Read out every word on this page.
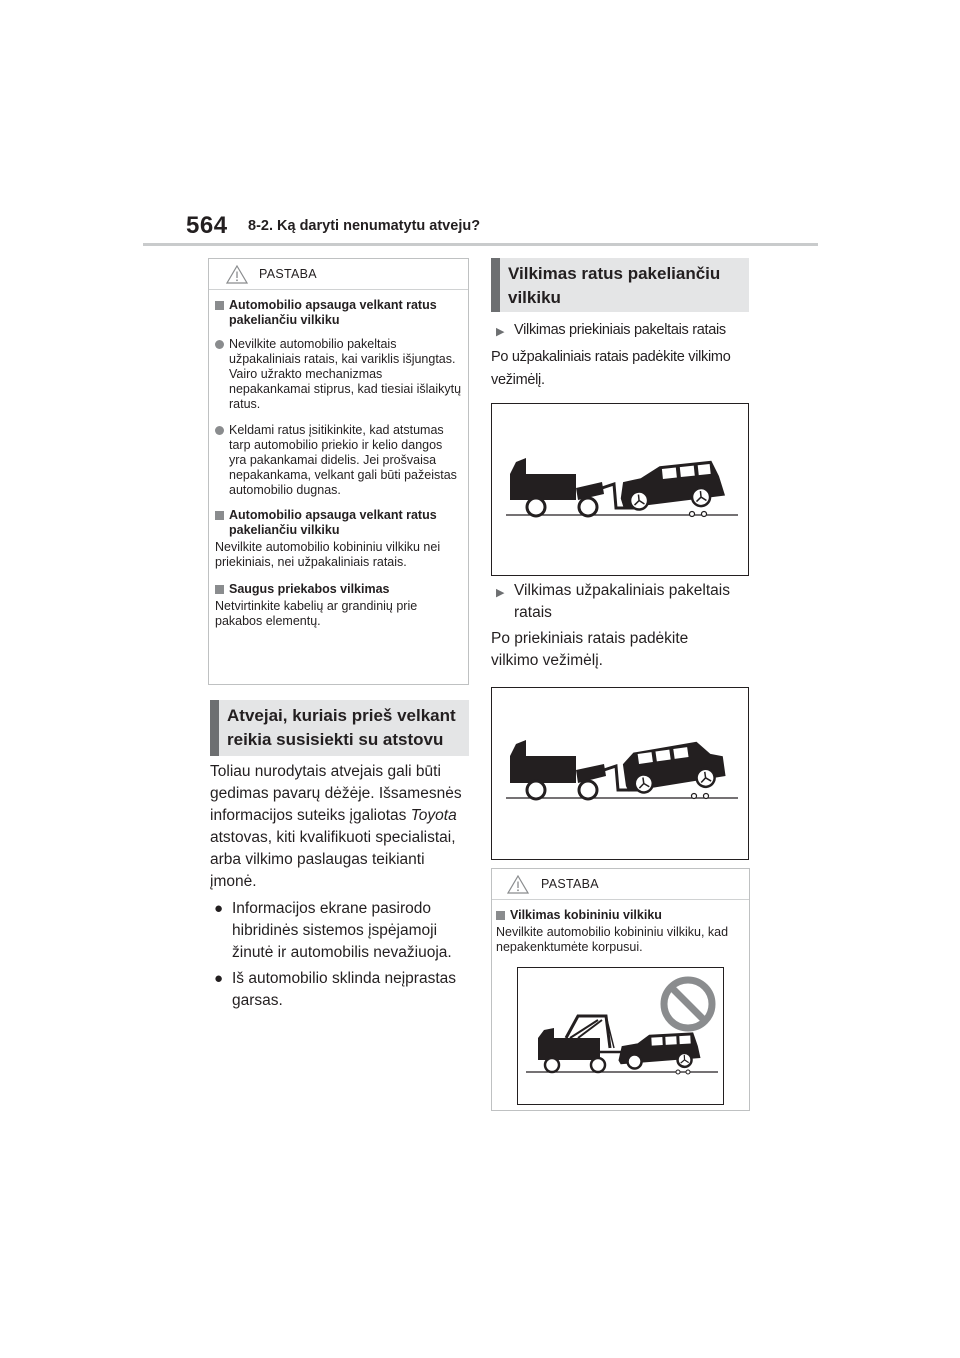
564 8-2. Ką daryti nenumatytu atveju?
PASTABA
Automobilio apsauga velkant ratus pakeliančiu vilkiku
Nevilkite automobilio pakeltais užpakaliniais ratais, kai variklis išjungtas. Vairo užrakto mechanizmas nepakankamai stiprus, kad tiesiai išlaikytų ratus.
Keldami ratus įsitikinkite, kad atstumas tarp automobilio priekio ir kelio dangos yra pakankamai didelis. Jei prošvaisa nepakankama, velkant gali būti pažeistas automobilio dugnas.
Automobilio apsauga velkant ratus pakeliančiu vilkiku
Nevilkite automobilio kobininiu vilkiku nei priekiniais, nei užpakaliniais ratais.
Saugus priekabos vilkimas
Netvirtinkite kabelių ar grandinių prie pakabos elementų.
Atvejai, kuriais prieš velkant reikia susisiekti su atstovu
Toliau nurodytais atvejais gali būti gedimas pavarų dėžėje. Išsamesnės informacijos suteiks įgaliotas Toyota atstovas, kiti kvalifikuoti specialistai, arba vilkimo paslaugas teikianti įmonė.
● Informacijos ekrane pasirodo hibridinės sistemos įspėjamoji žinutė ir automobilis nevažiuoja.
● Iš automobilio sklinda neįprastas garsas.
Vilkimas ratus pakeliančiu vilkiku
▶ Vilkimas priekiniais pakeltais ratais
Po užpakaliniais ratais padėkite vilkimo vežimėlį.
▶ Vilkimas užpakaliniais pakeltais ratais
Po priekiniais ratais padėkite vilkimo vežimėlį.
PASTABA
Vilkimas kobininiu vilkiku
Nevilkite automobilio kobininiu vilkiku, kad nepakenktumėte korpusui.
